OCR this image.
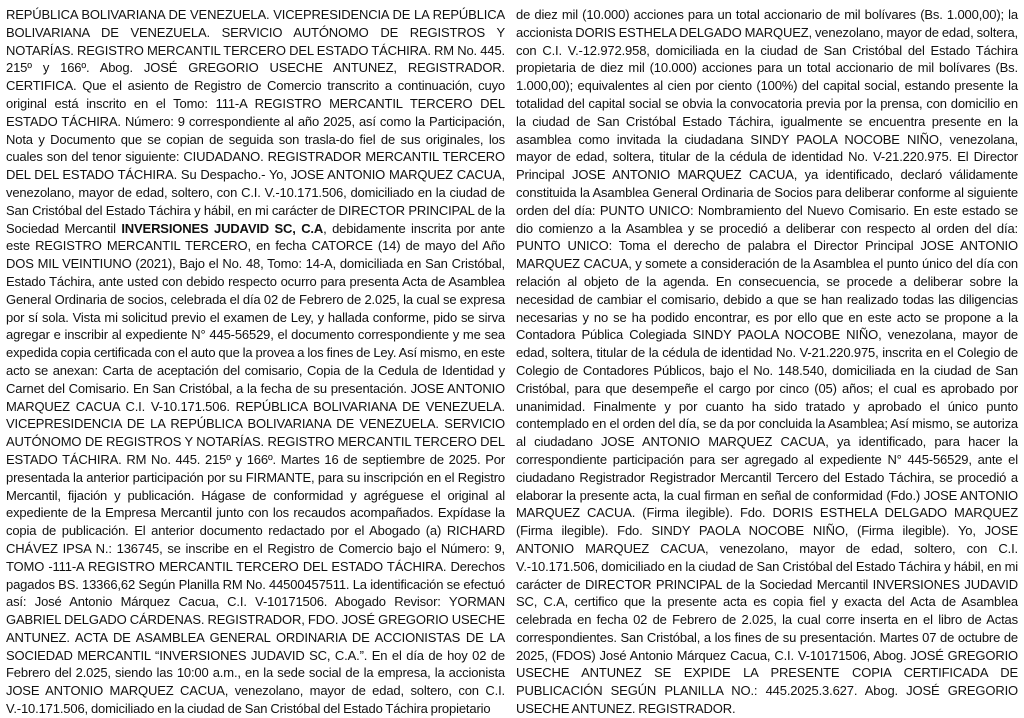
REPÚBLICA BOLIVARIANA DE VENEZUELA. VICEPRESIDENCIA DE LA REPÚBLICA BOLIVARIANA DE VENEZUELA. SERVICIO AUTÓNOMO DE REGISTROS Y NOTARÍAS. REGISTRO MERCANTIL TERCERO DEL ESTADO TÁCHIRA. RM No. 445. 215º y 166º. Abog. JOSÉ GREGORIO USECHE ANTUNEZ, REGISTRADOR. CERTIFICA. Que el asiento de Registro de Comercio transcrito a continuación, cuyo original está inscrito en el Tomo: 111-A REGISTRO MERCANTIL TERCERO DEL ESTADO TÁCHIRA. Número: 9 correspondiente al año 2025, así como la Participación, Nota y Documento que se copian de seguida son trasla-do fiel de sus originales, los cuales son del tenor siguiente: CIUDADANO. REGISTRADOR MERCANTIL TERCERO DEL DEL ESTADO TÁCHIRA. Su Despacho.- Yo, JOSE ANTONIO MARQUEZ CACUA, venezolano, mayor de edad, soltero, con C.I. V.-10.171.506, domiciliado en la ciudad de San Cristóbal del Estado Táchira y hábil, en mi carácter de DIRECTOR PRINCIPAL de la Sociedad Mercantil INVERSIONES JUDAVID SC, C.A, debidamente inscrita por ante este REGISTRO MERCANTIL TERCERO, en fecha CATORCE (14) de mayo del Año DOS MIL VEINTIUNO (2021), Bajo el No. 48, Tomo: 14-A, domiciliada en San Cristóbal, Estado Táchira, ante usted con debido respecto ocurro para presenta Acta de Asamblea General Ordinaria de socios, celebrada el día 02 de Febrero de 2.025, la cual se expresa por sí sola. Vista mi solicitud previo el examen de Ley, y hallada conforme, pido se sirva agregar e inscribir al expediente N° 445-56529, el documento correspondiente y me sea expedida copia certificada con el auto que la provea a los fines de Ley. Así mismo, en este acto se anexan: Carta de aceptación del comisario, Copia de la Cedula de Identidad y Carnet del Comisario. En San Cristóbal, a la fecha de su presentación. JOSE ANTONIO MARQUEZ CACUA C.I. V-10.171.506. REPÚBLICA BOLIVARIANA DE VENEZUELA. VICEPRESIDENCIA DE LA REPÚBLICA BOLIVARIANA DE VENEZUELA. SERVICIO AUTÓNOMO DE REGISTROS Y NOTARÍAS. REGISTRO MERCANTIL TERCERO DEL ESTADO TÁCHIRA. RM No. 445. 215º y 166º. Martes 16 de septiembre de 2025. Por presentada la anterior participación por su FIRMANTE, para su inscripción en el Registro Mercantil, fijación y publicación. Hágase de conformidad y agréguese el original al expediente de la Empresa Mercantil junto con los recaudos acompañados. Expídase la copia de publicación. El anterior documento redactado por el Abogado (a) RICHARD CHÁVEZ IPSA N.: 136745, se inscribe en el Registro de Comercio bajo el Número: 9, TOMO -111-A REGISTRO MERCANTIL TERCERO DEL ESTADO TÁCHIRA. Derechos pagados BS. 13366,62 Según Planilla RM No. 44500457511. La identificación se efectuó así: José Antonio Márquez Cacua, C.I. V-10171506. Abogado Revisor: YORMAN GABRIEL DELGADO CÁRDENAS. REGISTRADOR, FDO. JOSÉ GREGORIO USECHE ANTUNEZ. ACTA DE ASAMBLEA GENERAL ORDINARIA DE ACCIONISTAS DE LA SOCIEDAD MERCANTIL “INVERSIONES JUDAVID SC, C.A.”. En el día de hoy 02 de Febrero del 2.025, siendo las 10:00 a.m., en la sede social de la empresa, la accionista JOSE ANTONIO MARQUEZ CACUA, venezolano, mayor de edad, soltero, con C.I. V.-10.171.506, domiciliado en la ciudad de San Cristóbal del Estado Táchira propietario

de diez mil (10.000) acciones para un total accionario de mil bolívares (Bs. 1.000,00); la accionista DORIS ESTHELA DELGADO MARQUEZ, venezolano, mayor de edad, soltera, con C.I. V.-12.972.958, domiciliada en la ciudad de San Cristóbal del Estado Táchira propietaria de diez mil (10.000) acciones para un total accionario de mil bolívares (Bs. 1.000,00); equivalentes al cien por ciento (100%) del capital social, estando presente la totalidad del capital social se obvia la convocatoria previa por la prensa, con domicilio en la ciudad de San Cristóbal Estado Táchira, igualmente se encuentra presente en la asamblea como invitada la ciudadana SINDY PAOLA NOCOBE NIÑO, venezolana, mayor de edad, soltera, titular de la cédula de identidad No. V-21.220.975. El Director Principal JOSE ANTONIO MARQUEZ CACUA, ya identificado, declaró válidamente constituida la Asamblea General Ordinaria de Socios para deliberar conforme al siguiente orden del día: PUNTO UNICO: Nombramiento del Nuevo Comisario. En este estado se dio comienzo a la Asamblea y se procedió a deliberar con respecto al orden del día: PUNTO UNICO: Toma el derecho de palabra el Director Principal JOSE ANTONIO MARQUEZ CACUA, y somete a consideración de la Asamblea el punto único del día con relación al objeto de la agenda. En consecuencia, se procede a deliberar sobre la necesidad de cambiar el comisario, debido a que se han realizado todas las diligencias necesarias y no se ha podido encontrar, es por ello que en este acto se propone a la Contadora Pública Colegiada SINDY PAOLA NOCOBE NIÑO, venezolana, mayor de edad, soltera, titular de la cédula de identidad No. V-21.220.975, inscrita en el Colegio de Colegio de Contadores Públicos, bajo el No. 148.540, domiciliada en la ciudad de San Cristóbal, para que desempeñe el cargo por cinco (05) años; el cual es aprobado por unanimidad. Finalmente y por cuanto ha sido tratado y aprobado el único punto contemplado en el orden del día, se da por concluida la Asamblea; Así mismo, se autoriza al ciudadano JOSE ANTONIO MARQUEZ CACUA, ya identificado, para hacer la correspondiente participación para ser agregado al expediente N° 445-56529, ante el ciudadano Registrador Registrador Mercantil Tercero del Estado Táchira, se procedió a elaborar la presente acta, la cual firman en señal de conformidad (Fdo.) JOSE ANTONIO MARQUEZ CACUA. (Firma ilegible). Fdo. DORIS ESTHELA DELGADO MARQUEZ (Firma ilegible). Fdo. SINDY PAOLA NOCOBE NIÑO, (Firma ilegible). Yo, JOSE ANTONIO MARQUEZ CACUA, venezolano, mayor de edad, soltero, con C.I. V.-10.171.506, domiciliado en la ciudad de San Cristóbal del Estado Táchira y hábil, en mi carácter de DIRECTOR PRINCIPAL de la Sociedad Mercantil INVERSIONES JUDAVID SC, C.A, certifico que la presente acta es copia fiel y exacta del Acta de Asamblea celebrada en fecha 02 de Febrero de 2.025, la cual corre inserta en el libro de Actas correspondientes. San Cristóbal, a los fines de su presentación. Martes 07 de octubre de 2025, (FDOS) José Antonio Márquez Cacua, C.I. V-10171506, Abog. JOSÉ GREGORIO USECHE ANTUNEZ SE EXPIDE LA PRESENTE COPIA CERTIFICADA DE PUBLICACIÓN SEGÚN PLANILLA NO.: 445.2025.3.627. Abog. JOSÉ GREGORIO USECHE ANTUNEZ. REGISTRADOR.
